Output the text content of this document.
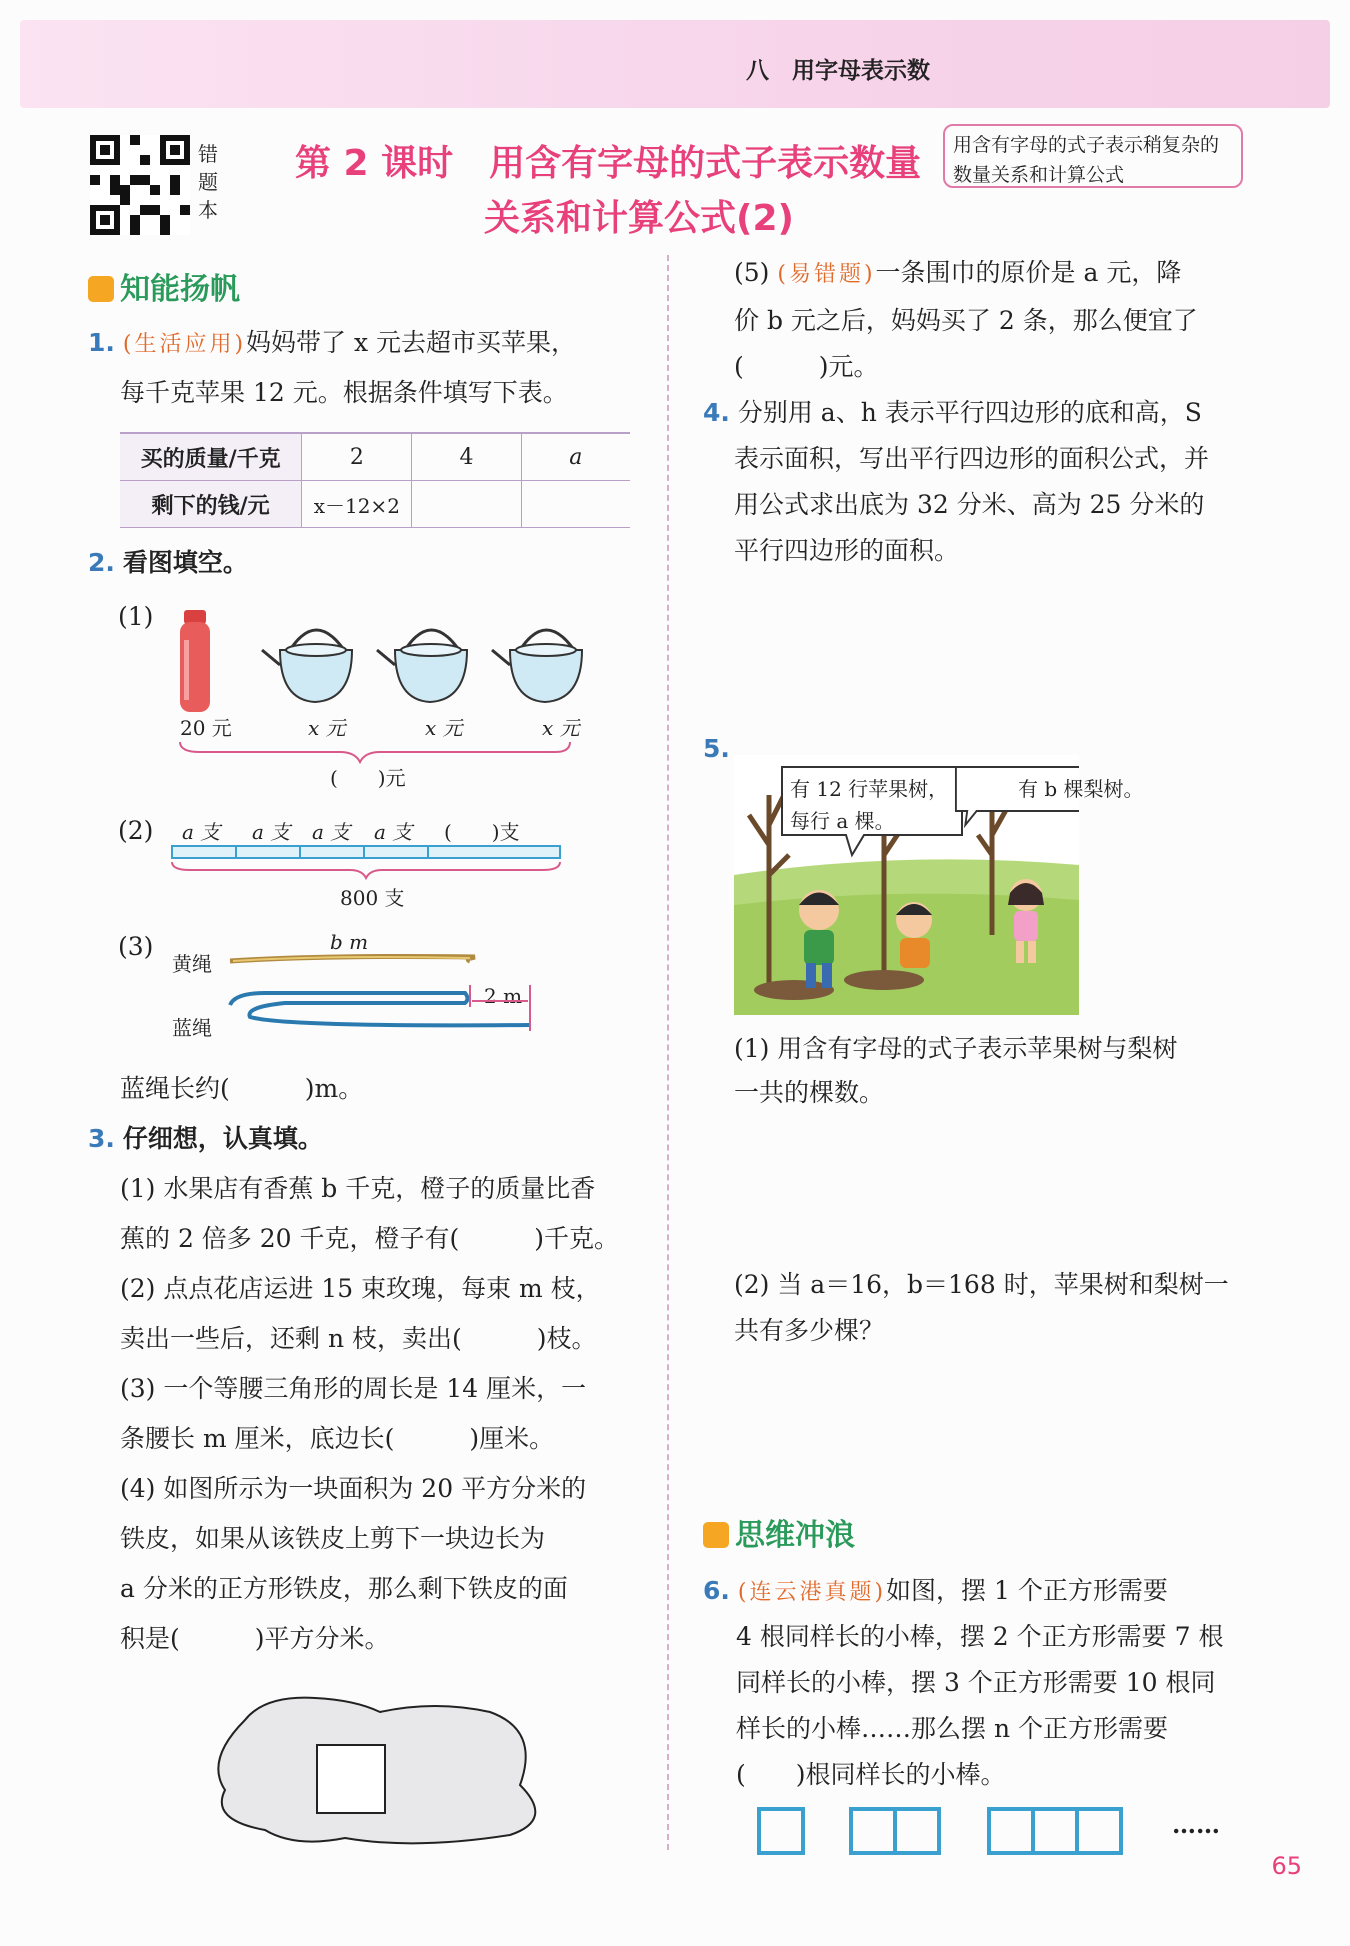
八　用字母表示数
错题本
第 2 课时　用含有字母的式子表示数量
关系和计算公式(2)
用含有字母的式子表示稍复杂的数量关系和计算公式
知能扬帆
1. (生活应用)妈妈带了 x 元去超市买苹果，
每千克苹果 12 元。根据条件填写下表。
买的质量/千克	2	4	a
剩下的钱/元	x－12×2		
2. 看图填空。
(1)
20 元	x 元	x 元	x 元
(　　)元
(2) a 支 a 支 a 支 a 支 (　　)支
800 支
(3)
黄绳
b m
蓝绳
2 m
蓝绳长约(　　　)m。
3. 仔细想，认真填。
(1) 水果店有香蕉 b 千克，橙子的质量比香
蕉的 2 倍多 20 千克，橙子有(　　　)千克。
(2) 点点花店运进 15 束玫瑰，每束 m 枝，
卖出一些后，还剩 n 枝，卖出(　　　)枝。
(3) 一个等腰三角形的周长是 14 厘米，一
条腰长 m 厘米，底边长(　　　)厘米。
(4) 如图所示为一块面积为 20 平方分米的
铁皮，如果从该铁皮上剪下一块边长为
a 分米的正方形铁皮，那么剩下铁皮的面
积是(　　　)平方分米。
(5) (易错题)一条围巾的原价是 a 元，降
价 b 元之后，妈妈买了 2 条，那么便宜了
(　　　)元。
4. 分别用 a、h 表示平行四边形的底和高，S
表示面积，写出平行四边形的面积公式，并
用公式求出底为 32 分米、高为 25 分米的
平行四边形的面积。
5.
有 12 行苹果树，
每行 a 棵。
有 b 棵梨树。
(1) 用含有字母的式子表示苹果树与梨树
一共的棵数。
(2) 当 a＝16，b＝168 时，苹果树和梨树一
共有多少棵？
思维冲浪
6. (连云港真题)如图，摆 1 个正方形需要
4 根同样长的小棒，摆 2 个正方形需要 7 根
同样长的小棒，摆 3 个正方形需要 10 根同
样长的小棒……那么摆 n 个正方形需要
(　　)根同样长的小棒。
……
65
